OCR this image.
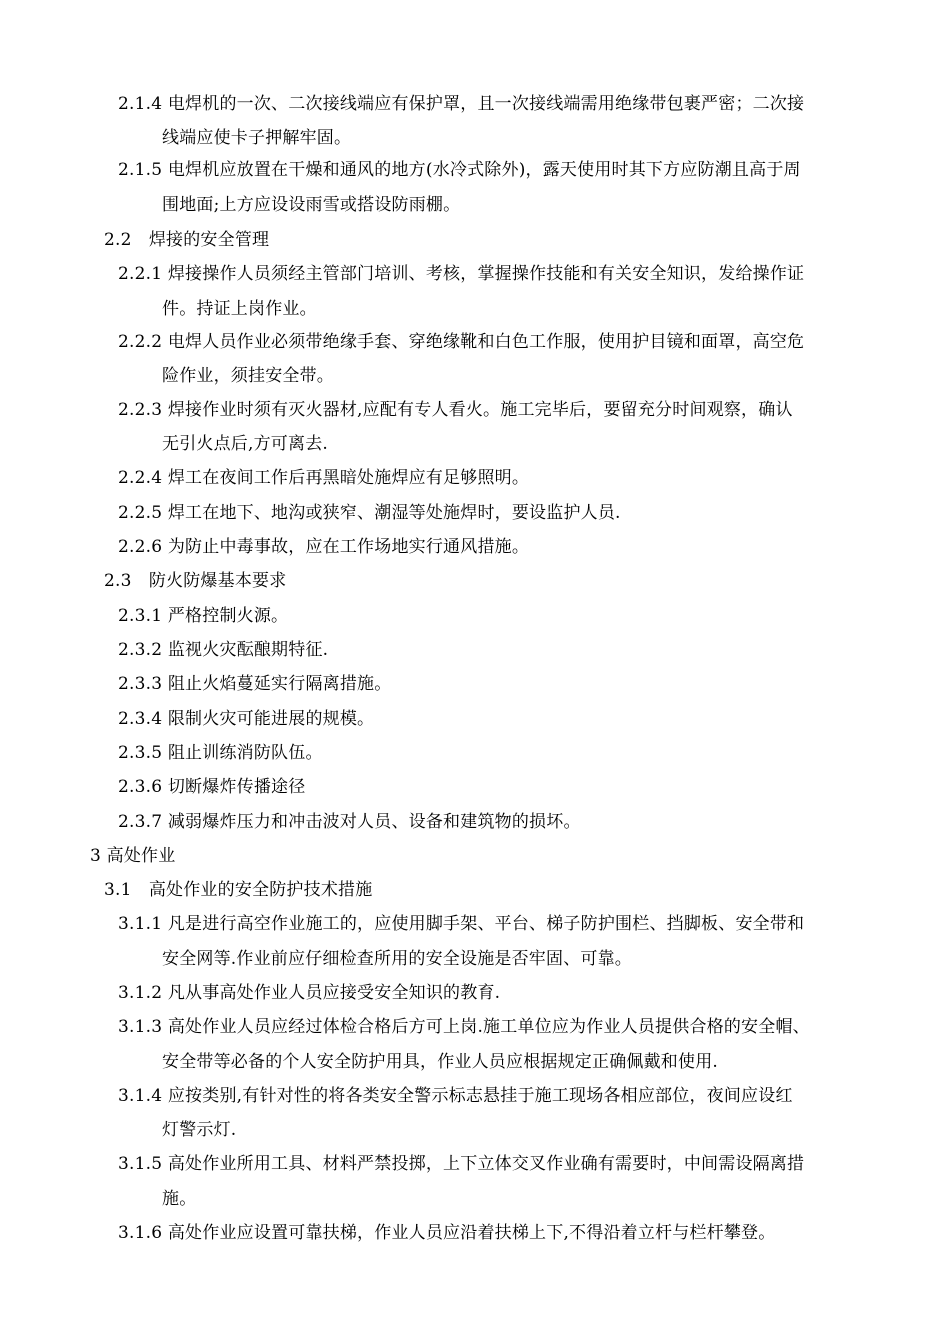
2.1.4 电焊机的一次、二次接线端应有保护罩，且一次接线端需用绝缘带包裹严密；二次接
线端应使卡子押解牢固。
2.1.5 电焊机应放置在干燥和通风的地方(水冷式除外)，露天使用时其下方应防潮且高于周
围地面;上方应设设雨雪或搭设防雨棚。
2.2　焊接的安全管理
2.2.1 焊接操作人员须经主管部门培训、考核，掌握操作技能和有关安全知识，发给操作证
件。持证上岗作业。
2.2.2 电焊人员作业必须带绝缘手套、穿绝缘靴和白色工作服，使用护目镜和面罩，高空危
险作业，须挂安全带。
2.2.3 焊接作业时须有灭火器材,应配有专人看火。施工完毕后，要留充分时间观察，确认
无引火点后,方可离去.
2.2.4 焊工在夜间工作后再黑暗处施焊应有足够照明。
2.2.5 焊工在地下、地沟或狭窄、潮湿等处施焊时，要设监护人员.
2.2.6 为防止中毒事故，应在工作场地实行通风措施。
2.3　防火防爆基本要求
2.3.1 严格控制火源。
2.3.2 监视火灾酝酿期特征.
2.3.3 阻止火焰蔓延实行隔离措施。
2.3.4 限制火灾可能进展的规模。
2.3.5 阻止训练消防队伍。
2.3.6 切断爆炸传播途径
2.3.7 减弱爆炸压力和冲击波对人员、设备和建筑物的损坏。
3 高处作业
3.1　高处作业的安全防护技术措施
3.1.1 凡是进行高空作业施工的，应使用脚手架、平台、梯子防护围栏、挡脚板、安全带和
安全网等.作业前应仔细检查所用的安全设施是否牢固、可靠。
3.1.2 凡从事高处作业人员应接受安全知识的教育.
3.1.3 高处作业人员应经过体检合格后方可上岗.施工单位应为作业人员提供合格的安全帽、
安全带等必备的个人安全防护用具，作业人员应根据规定正确佩戴和使用.
3.1.4 应按类别,有针对性的将各类安全警示标志悬挂于施工现场各相应部位，夜间应设红
灯警示灯.
3.1.5 高处作业所用工具、材料严禁投掷，上下立体交叉作业确有需要时，中间需设隔离措
施。
3.1.6 高处作业应设置可靠扶梯，作业人员应沿着扶梯上下,不得沿着立杆与栏杆攀登。
